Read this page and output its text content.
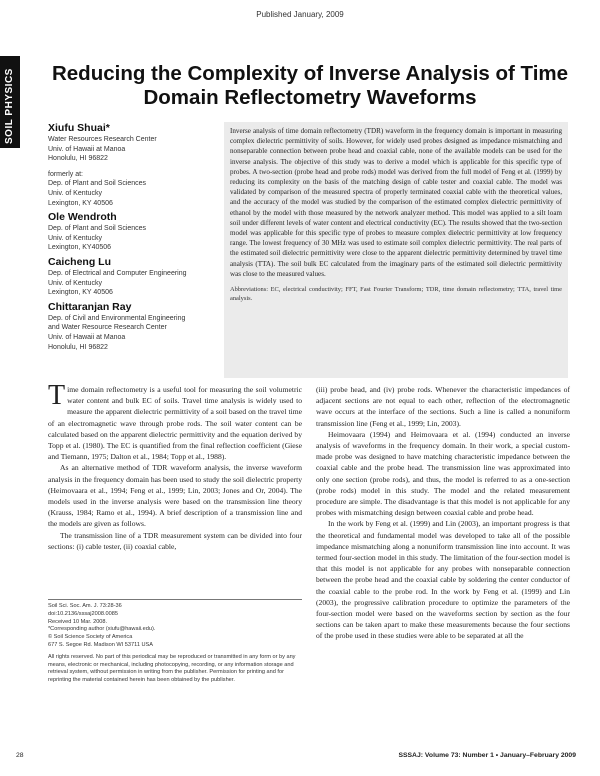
Published January, 2009
SOIL PHYSICS Reducing the Complexity of Inverse Analysis of Time Domain Reflectometry Waveforms
Xiufu Shuai*
Water Resources Research Center
Univ. of Hawaii at Manoa
Honolulu, HI 96822
formerly at:
Dep. of Plant and Soil Sciences
Univ. of Kentucky
Lexington, KY 40506
Ole Wendroth
Dep. of Plant and Soil Sciences
Univ. of Kentucky
Lexington, KY40506
Caicheng Lu
Dep. of Electrical and Computer Engineering
Univ. of Kentucky
Lexington, KY 40506
Chittaranjan Ray
Dep. of Civil and Environmental Engineering
and Water Resource Research Center
Univ. of Hawaii at Manoa
Honolulu, HI 96822
Inverse analysis of time domain reflectometry (TDR) waveform in the frequency domain is important in measuring complex dielectric permittivity of soils. However, for widely used probes designed as impedance mismatching and nonseparable connection between probe head and coaxial cable, none of the available models can be used for the inverse analysis. The objective of this study was to derive a model which is applicable for this specific type of probes. A two-section (probe head and probe rods) model was derived from the full model of Feng et al. (1999) by reducing its complexity on the basis of the matching design of cable tester and coaxial cable. The model was validated by comparison of the measured spectra of properly terminated coaxial cable with the theoretical values, and the accuracy of the model was studied by the comparison of the estimated complex dielectric permittivity of ethanol by the model with those measured by the network analyzer method. This model was applied to a silt loam soil under different levels of water content and electrical conductivity (EC). The results showed that the two-section model was applicable for this specific type of probes to measure complex dielectric permittivity at low frequency range. The lowest frequency of 30 MHz was used to estimate soil complex dielectric permittivity. The real parts of the estimated soil dielectric permittivity were close to the apparent dielectric permittivity determined by travel time analysis (TTA). The soil bulk EC calculated from the imaginary parts of the estimated soil dielectric permittivity was close to the measured values.
Abbreviations: EC, electrical conductivity; FFT, Fast Fourier Transform; TDR, time domain reflectometry; TTA, travel time analysis.

Time domain reflectometry is a useful tool for measuring the soil volumetric water content and bulk EC of soils. Travel time analysis is widely used to measure the apparent dielectric permittivity of a soil based on the travel time of an electromagnetic wave through probe rods. The soil water content can be calculated based on the apparent dielectric permittivity and the equation derived by Topp et al. (1980). The EC is quantified from the final reflection coefficient (Giese and Tiemann, 1975; Dalton et al., 1984; Topp et al., 1988).

As an alternative method of TDR waveform analysis, the inverse waveform analysis in the frequency domain has been used to study the soil dielectric property (Heimovaara et al., 1994; Feng et al., 1999; Lin, 2003; Jones and Or, 2004). The models used in the inverse analysis were based on the transmission line theory (Krauss, 1984; Ramo et al., 1994). A brief description of a transmission line and the models are given as follows.

The transmission line of a TDR measurement system can be divided into four sections: (i) cable tester, (ii) coaxial cable,

Soil Sci. Soc. Am. J. 73:28-36
doi:10.2136/sssaj2008.0085
Received 10 Mar. 2008.
*Corresponding author (xiufu@hawaii.edu).
© Soil Science Society of America
677 S. Segoe Rd. Madison WI 53711 USA
All rights reserved. No part of this periodical may be reproduced or transmitted in any form or by any means, electronic or mechanical, including photocopying, recording, or any information storage and retrieval system, without permission in writing from the publisher. Permission for printing and for reprinting the material contained herein has been obtained by the publisher.

(iii) probe head, and (iv) probe rods. Whenever the characteristic impedances of adjacent sections are not equal to each other, reflection of the electromagnetic wave occurs at the interface of the sections. Such a line is called a nonuniform transmission line (Feng et al., 1999; Lin, 2003).

Heimovaara (1994) and Heimovaara et al. (1994) conducted an inverse analysis of waveforms in the frequency domain. In their work, a special custom-made probe was designed to have matching characteristic impedance between the coaxial cable and the probe head. The transmission line was approximated into only one section (probe rods), and thus, the model is referred to as a one-section (probe rods) model in this study. The model and the related measurement procedure are simple. The disadvantage is that this model is not applicable for any probes with mismatching design between coaxial cable and probe head.

In the work by Feng et al. (1999) and Lin (2003), an important progress is that the theoretical and fundamental model was developed to take all of the possible impedance mismatching along a nonuniform transmission line into account. It was termed four-section model in this study. The limitation of the four-section model is that this model is not applicable for any probes with nonseparable connection between the probe head and the coaxial cable by soldering the center conductor of the coaxial cable to the probe rod. In the work by Feng et al. (1999) and Lin (2003), the progressive calibration procedure to optimize the parameters of the four-section model were based on the waveforms section by section as the four sections can be taken apart to make these measurements because the four sections of the probe used in these studies were able to be separated at all the

28	SSSAJ: Volume 73: Number 1 • January–February 2009
